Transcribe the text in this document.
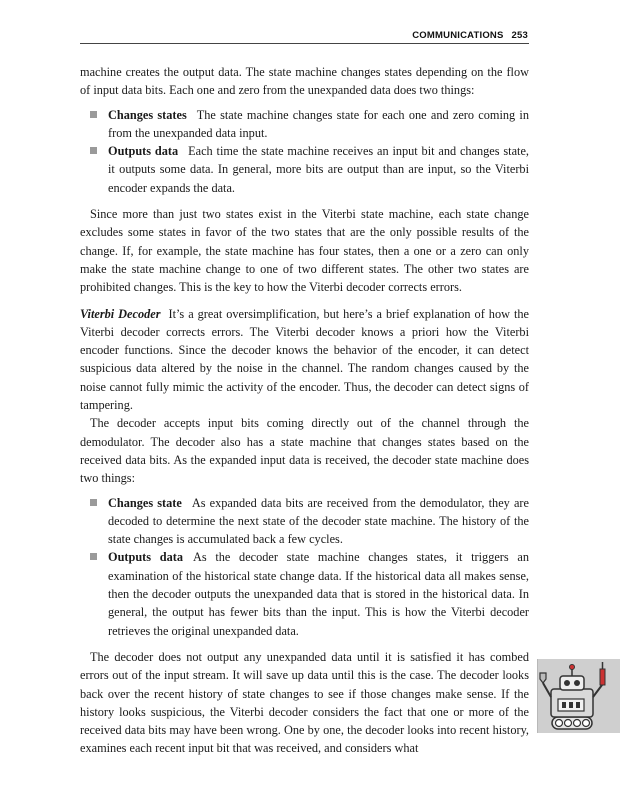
COMMUNICATIONS 253

machine creates the output data. The state machine changes states depending on the flow of input data bits. Each one and zero from the unexpanded data does two things:

Changes states The state machine changes state for each one and zero coming in from the unexpanded data input.
Outputs data Each time the state machine receives an input bit and changes state, it outputs some data. In general, more bits are output than are input, so the Viterbi encoder expands the data.

Since more than just two states exist in the Viterbi state machine, each state change excludes some states in favor of the two states that are the only possible results of the change. If, for example, the state machine has four states, then a one or a zero can only make the state machine change to one of two different states. The other two states are prohibited changes. This is the key to how the Viterbi decoder corrects errors.

Viterbi Decoder It’s a great oversimplification, but here’s a brief explanation of how the Viterbi decoder corrects errors. The Viterbi decoder knows a priori how the Viterbi encoder functions. Since the decoder knows the behavior of the encoder, it can detect suspicious data altered by the noise in the channel. The random changes caused by the noise cannot fully mimic the activity of the encoder. Thus, the decoder can detect signs of tampering.

The decoder accepts input bits coming directly out of the channel through the demodulator. The decoder also has a state machine that changes states based on the received data bits. As the expanded input data is received, the decoder state machine does two things:

Changes state As expanded data bits are received from the demodulator, they are decoded to determine the next state of the decoder state machine. The history of the state changes is accumulated back a few cycles.
Outputs data As the decoder state machine changes states, it triggers an examination of the historical state change data. If the historical data all makes sense, then the decoder outputs the unexpanded data that is stored in the historical data. In general, the output has fewer bits than the input. This is how the Viterbi decoder retrieves the original unexpanded data.

The decoder does not output any unexpanded data until it is satisfied it has combed errors out of the input stream. It will save up data until this is the case. The decoder looks back over the recent history of state changes to see if those changes make sense. If the history looks suspicious, the Viterbi decoder considers the fact that one or more of the received data bits may have been wrong. One by one, the decoder looks into recent history, examines each recent input bit that was received, and considers what
